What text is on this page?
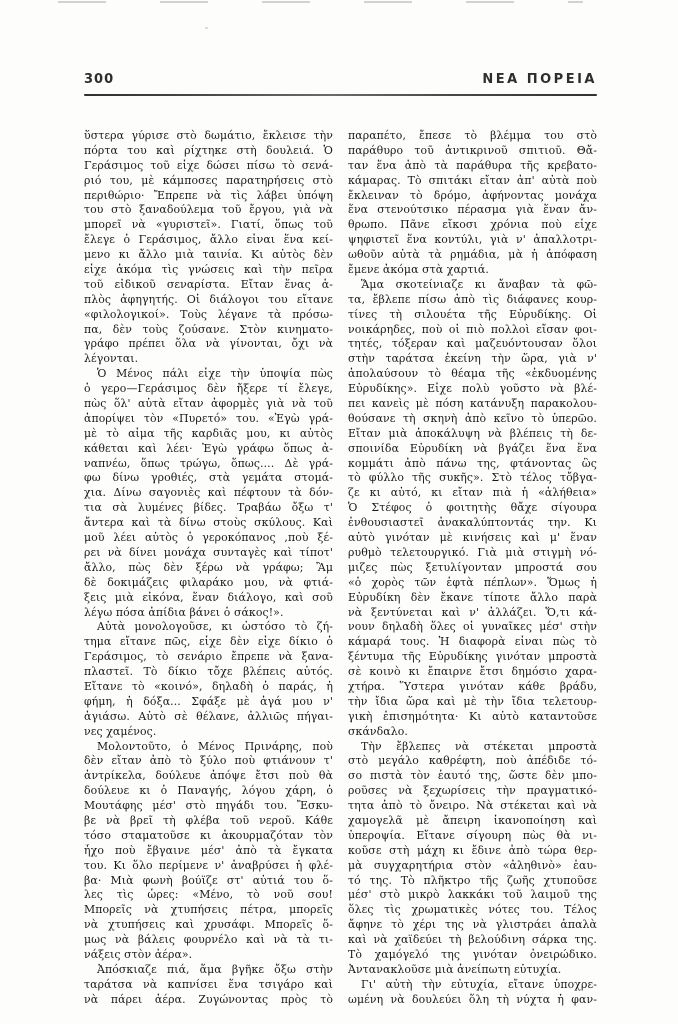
300	ΝΕΑ ΠΟΡΕΙΑ
ὕστερα γύρισε στὸ δωμάτιο, ἔκλεισε τὴν
πόρτα του καὶ ρίχτηκε στὴ δουλειά. Ὁ
Γεράσιμος τοῦ εἶχε δώσει πίσω τὸ σενά-
ριό του, μὲ κάμποσες παρατηρήσεις στὸ
περιθώριο· Ἔπρεπε νὰ τὶς λάβει ὑπόψη
του στὸ ξαναδούλεμα τοῦ ἔργου, γιὰ νὰ
μπορεῖ νὰ «γυριστεῖ». Γιατί, ὅπως τοῦ
ἔλεγε ὁ Γεράσιμος, ἄλλο εἶναι ἕνα κεί-
μενο κι ἄλλο μιὰ ταινία. Κι αὐτὸς δὲν
εἶχε ἀκόμα τὶς γνώσεις καὶ τὴν πεῖρα
τοῦ εἰδικοῦ σεναρίστα. Εἴταν ἕνας ἁ-
πλὸς ἀφηγητής. Οἱ διάλογοι του εἴτανε
«φιλολογικοί». Τοὺς λέγανε τὰ πρόσω-
πα, δὲν τοὺς ζούσανε. Στὸν κινηματο-
γράφο πρέπει ὅλα νὰ γίνονται, ὄχι νὰ
λέγονται.
Ὁ Μένος πάλι εἶχε τὴν ὑποψία πὼς
ὁ γερο—Γεράσιμος δὲν ἤξερε τί ἔλεγε,
πὼς ὅλ' αὐτὰ εἴταν ἀφορμὲς γιὰ νὰ τοῦ
ἀπορίψει τὸν «Πυρετό» του. «Ἐγὼ γρά-
μὲ τὸ αἷμα τῆς καρδιᾶς μου, κι αὐτὸς
κάθεται καὶ λέει· Ἐγὼ γράφω ὅπως ἀ-
ναπνέω, ὅπως τρώγω, ὅπως.... Δὲ γρά-
φω δίνω γροθιές, στὰ γεμάτα στομά-
χια. Δίνω σαγονιὲς καὶ πέφτουν τὰ δόν-
τια σὰ λυμένες βίδες. Τραβάω ὄξω τ'
ἄντερα καὶ τὰ δίνω στοὺς σκύλους. Καὶ
μοῦ λέει αὐτὸς ὁ γεροκόπανος ,ποὺ ξέ-
ρει νὰ δίνει μονάχα συνταγὲς καὶ τίποτ'
ἄλλο, πὼς δὲν ξέρω νὰ γράφω; Ἂμ
δὲ δοκιμάζεις φιλαράκο μου, νὰ φτιά-
ξεις μιὰ εἰκόνα, ἕναν διάλογο, καὶ σοῦ
λέγω πόσα ἀπίδια βάνει ὁ σάκος!».
Αὐτὰ μονολογοῦσε, κι ὡστόσο τὸ ζή-
τημα εἴτανε πῶς, εἶχε δὲν εἶχε δίκιο ὁ
Γεράσιμος, τὸ σενάριο ἔπρεπε νὰ ξανα-
πλαστεῖ. Τὸ δίκιο τὄχε βλέπεις αὐτός.
Εἴτανε τὸ «κοινό», δηλαδὴ ὁ παράς, ἡ
φήμη, ἡ δόξα... Σφάξε μὲ ἀγά μου ν'
ἁγιάσω. Αὐτὸ σὲ θέλανε, ἀλλιῶς πήγαι-
νες χαμένος.
Μολοντοῦτο, ὁ Μένος Πρινάρης, ποὺ
δὲν εἴταν ἀπὸ τὸ ξύλο ποὺ φτιάνουν τ'
ἀντρίκελα, δούλευε ἀπόψε ἔτσι ποὺ θὰ
δούλευε κι ὁ Παναγής, λόγου χάρη, ὁ
Μουτάφης μέσ' στὸ πηγάδι του. Ἔσκυ-
βε νὰ βρεῖ τὴ φλέβα τοῦ νεροῦ. Κάθε
τόσο σταματοῦσε κι ἀκουρμαζόταν τὸν
ἦχο ποὺ ἔβγαινε μέσ' ἀπὸ τὰ ἔγκατα
του. Κι ὅλο περίμενε ν' ἀναβρύσει ἡ φλέ-
βα· Μιὰ φωνὴ βούϊζε στ' αὐτιά του ὅ-
λες τὶς ὧρες: «Μένο, τὸ νοῦ σου!
Μπορεῖς νὰ χτυπήσεις πέτρα, μπορεῖς
νὰ χτυπήσεις καὶ χρυσάφι. Μπορεῖς ὅ-
μως νὰ βάλεις φουρνέλο καὶ νὰ τὰ τι-
νάξεις στὸν ἀέρα».
Ἀπόσκιαζε πιά, ἅμα βγῆκε ὄξω στὴν
ταράτσα νὰ καπνίσει ἕνα τσιγάρο καὶ
νὰ πάρει ἀέρα. Ζυγώνοντας πρὸς τὸ
παραπέτο, ἔπεσε τὸ βλέμμα του στὸ
παράθυρο τοῦ ἀντικρινοῦ σπιτιοῦ. Θἄ-
ταν ἕνα ἀπὸ τὰ παράθυρα τῆς κρεβατο-
κάμαρας. Τὸ σπιτάκι εἴταν ἀπ' αὐτὰ ποὺ
ἔκλειναν τὸ δρόμο, ἀφήνοντας μονάχα
ἕνα στενούτσικο πέρασμα γιὰ ἕναν ἄν-
θρωπο. Πᾶνε εἴκοσι χρόνια ποὺ εἶχε
ψηφιστεῖ ἕνα κοντύλι, γιὰ ν' ἀπαλλοτρι-
ωθοῦν αὐτὰ τὰ ρημάδια, μὰ ἡ ἀπόφαση
ἔμενε ἀκόμα στὰ χαρτιά.
Ἅμα σκοτείνιαζε κι ἄναβαν τὰ φῶ-
τα, ἔβλεπε πίσω ἀπὸ τὶς διάφανες κουρ-
τίνες τὴ σιλουέτα τῆς Εὐρυδίκης. Οἱ
νοικάρηδες, ποὺ οἱ πιὸ πολλοὶ εἴσαν φοι-
τητές, τόξεραν καὶ μαζευόντουσαν ὅλοι
στὴν ταράτσα ἐκείνη τὴν ὥρα, γιὰ ν'
ἀπολαύσουν τὸ θέαμα τῆς «ἐκδυομένης
Εὐρυδίκης». Εἶχε πολὺ γοῦστο νὰ βλέ-
πει κανεὶς μὲ πόση κατάνυξη παρακολου-
θούσανε τὴ σκηνὴ ἀπὸ κεῖνο τὸ ὑπερῶο.
Εἴταν μιὰ ἀποκάλυψη νὰ βλέπεις τὴ δε-
σποινίδα Εὐρυδίκη νὰ βγάζει ἕνα ἕνα
κομμάτι ἀπὸ πάνω της, φτάνοντας ὣς
τὸ φύλλο τῆς συκῆς». Στὸ τέλος τὄβγα-
ζε κι αὐτό, κι εἴταν πιὰ ἡ «ἀλήθεια»
Ὁ Στέφος ὁ φοιτητὴς θἄχε σίγουρα
ἐνθουσιαστεῖ ἀνακαλύπτοντάς την. Κι
αὐτὸ γινόταν μὲ κινήσεις καὶ μ' ἕναν
ρυθμὸ τελετουργικό. Γιὰ μιὰ στιγμὴ νό-
μιζες πὼς ξετυλίγονταν μπροστά σου
«ὁ χορὸς τῶν ἑφτὰ πέπλων». Ὅμως ἡ
Εὐρυδίκη δὲν ἔκανε τίποτε ἄλλο παρὰ
νὰ ξεντύνεται καὶ ν' ἀλλάζει. Ὅ,τι κά-
νουν δηλαδὴ ὅλες οἱ γυναῖκες μέσ' στὴν
κάμαρά τους. Ἡ διαφορὰ εἶναι πὼς τὸ
ξέντυμα τῆς Εὐρυδίκης γινόταν μπροστὰ
σὲ κοινὸ κι ἔπαιρνε ἔτσι δημόσιο χαρα-
χτήρα. Ὕστερα γινόταν κάθε βράδυ,
τὴν ἴδια ὥρα καὶ μὲ τὴν ἴδια τελετουρ-
γικὴ ἐπισημότητα· Κι αὐτὸ καταντοῦσε
σκάνδαλο.
Τὴν ἔβλεπες νὰ στέκεται μπροστὰ
στὸ μεγάλο καθρέφτη, ποὺ ἀπέδιδε τό-
σο πιστὰ τὸν ἑαυτό της, ὥστε δὲν μπο-
ροῦσες νὰ ξεχωρίσεις τὴν πραγματικό-
τητα ἀπὸ τὸ ὄνειρο. Νὰ στέκεται καὶ νὰ
χαμογελᾶ μὲ ἄπειρη ἱκανοποίηση καὶ
ὑπεροψία. Εἴτανε σίγουρη πὼς θὰ νι-
κοῦσε στὴ μάχη κι ἔδινε ἀπὸ τώρα θερ-
μὰ συγχαρητήρια στὸν «ἀληθινὸ» ἑαυ-
τό της. Τὸ πλῆκτρο τῆς ζωῆς χτυποῦσε
μέσ' στὸ μικρὸ λακκάκι τοῦ λαιμοῦ της
ὅλες τὶς χρωματικὲς νότες του. Τέλος
ἄφηνε τὸ χέρι της νὰ γλιστράει ἁπαλὰ
καὶ νὰ χαϊδεύει τὴ βελούδινη σάρκα της.
Τὸ χαμόγελό της γινόταν ὀνειρώδικο.
Ἀντανακλοῦσε μιὰ ἀνείπωτη εὐτυχία.
Γι' αὐτὴ τὴν εὐτυχία, εἴτανε ὑποχρε-
ωμένη νὰ δουλεύει ὅλη τὴ νύχτα ἡ φαν-
